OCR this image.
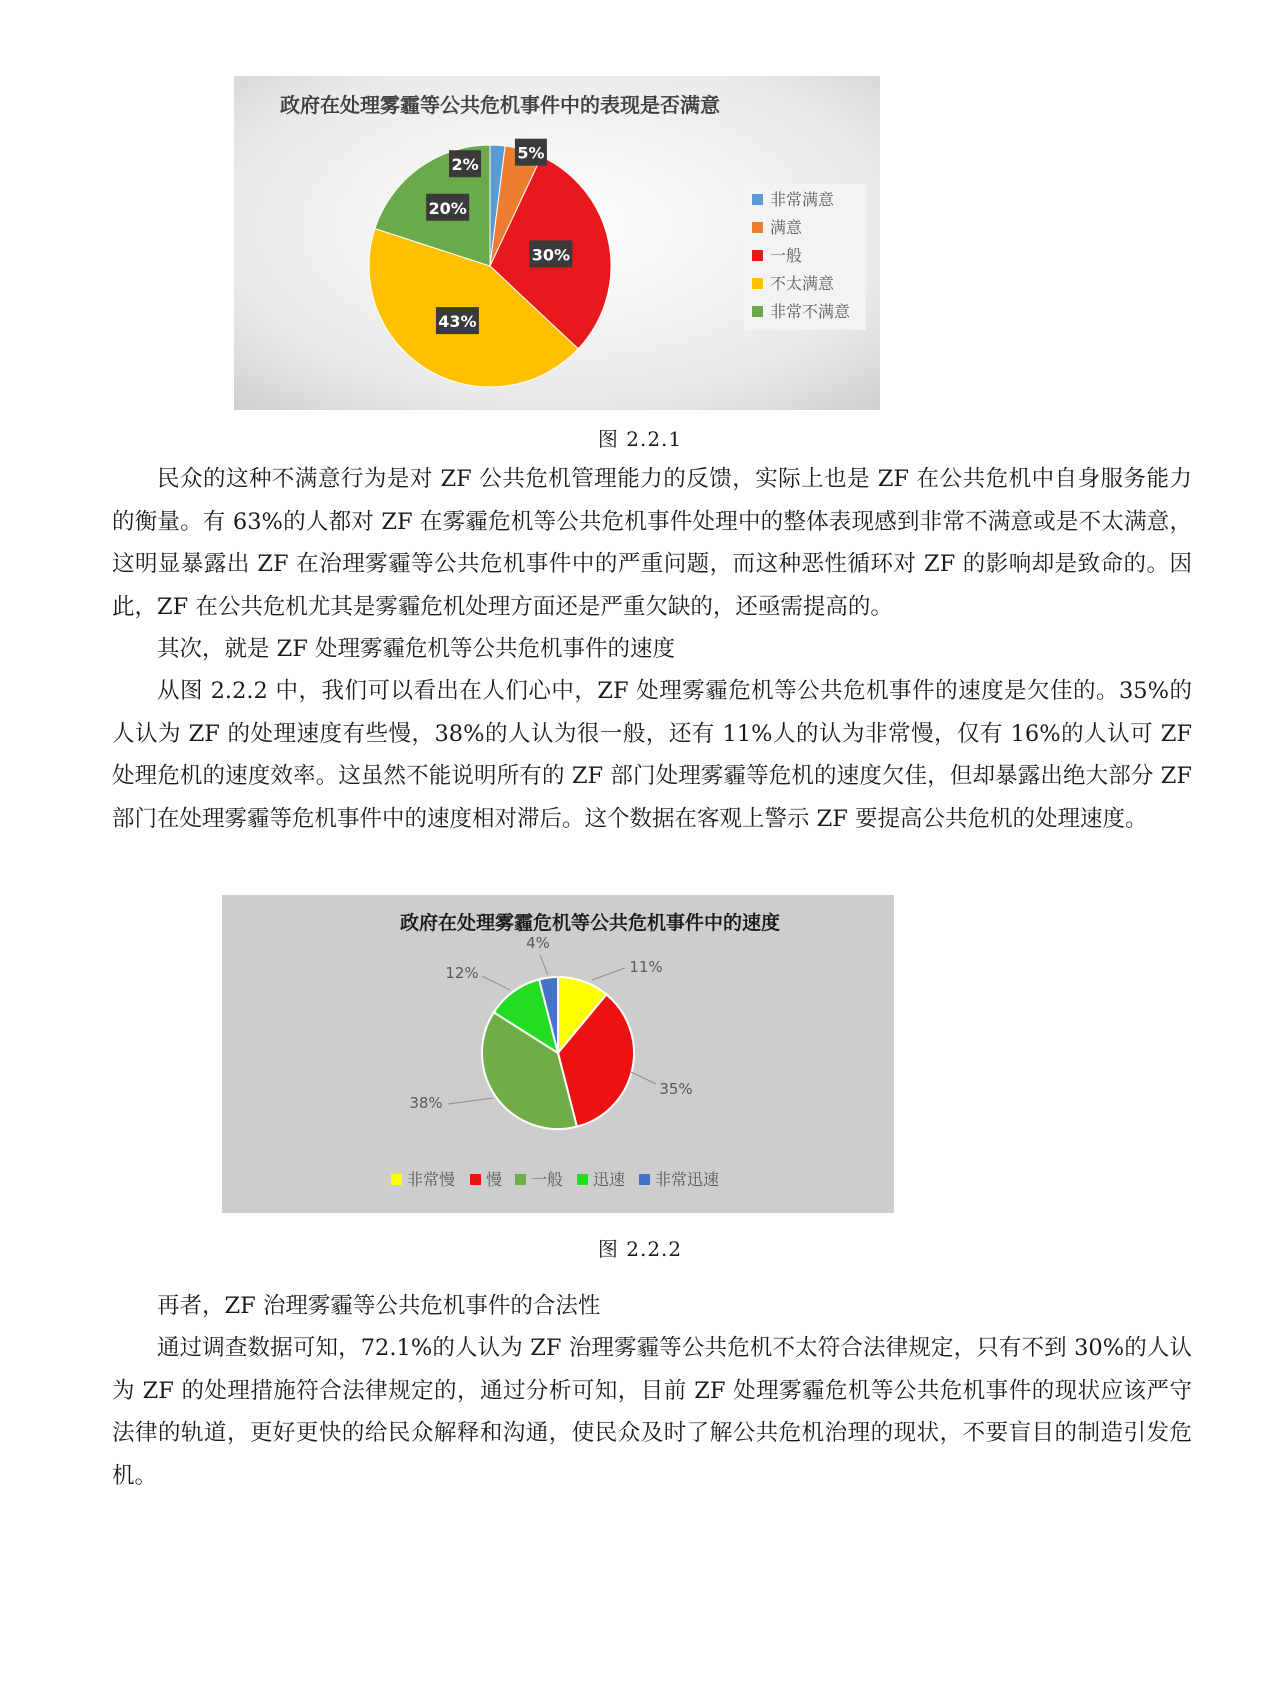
政府在处理雾霾等公共危机事件中的表现是否满意
2%
5%
30%
43%
20%	非常满意
满意
一般
不太满意
非常不满意
政府在处理雾霾危机等公共危机事件中的速度
11%
35%
38%
12%
4%
非常慢 慢 一般 迅速 非常迅速
图 2.2.1
民众的这种不满意行为是对 ZF 公共危机管理能力的反馈，实际上也是 ZF 在公共危机中自身服务能力的衡量。有 63%的人都对 ZF 在雾霾危机等公共危机事件处理中的整体表现感到非常不满意或是不太满意，这明显暴露出 ZF 在治理雾霾等公共危机事件中的严重问题，而这种恶性循环对 ZF 的影响却是致命的。因此，ZF 在公共危机尤其是雾霾危机处理方面还是严重欠缺的，还亟需提高的。
其次，就是 ZF 处理雾霾危机等公共危机事件的速度
从图 2.2.2 中，我们可以看出在人们心中，ZF 处理雾霾危机等公共危机事件的速度是欠佳的。35%的人认为 ZF 的处理速度有些慢，38%的人认为很一般，还有 11%人的认为非常慢，仅有 16%的人认可 ZF 处理危机的速度效率。这虽然不能说明所有的 ZF 部门处理雾霾等危机的速度欠佳，但却暴露出绝大部分 ZF 部门在处理雾霾等危机事件中的速度相对滞后。这个数据在客观上警示 ZF 要提高公共危机的处理速度。
图 2.2.2
再者，ZF 治理雾霾等公共危机事件的合法性
通过调查数据可知，72.1%的人认为 ZF 治理雾霾等公共危机不太符合法律规定，只有不到 30%的人认为 ZF 的处理措施符合法律规定的，通过分析可知，目前 ZF 处理雾霾危机等公共危机事件的现状应该严守法律的轨道，更好更快的给民众解释和沟通，使民众及时了解公共危机治理的现状，不要盲目的制造引发危机。
